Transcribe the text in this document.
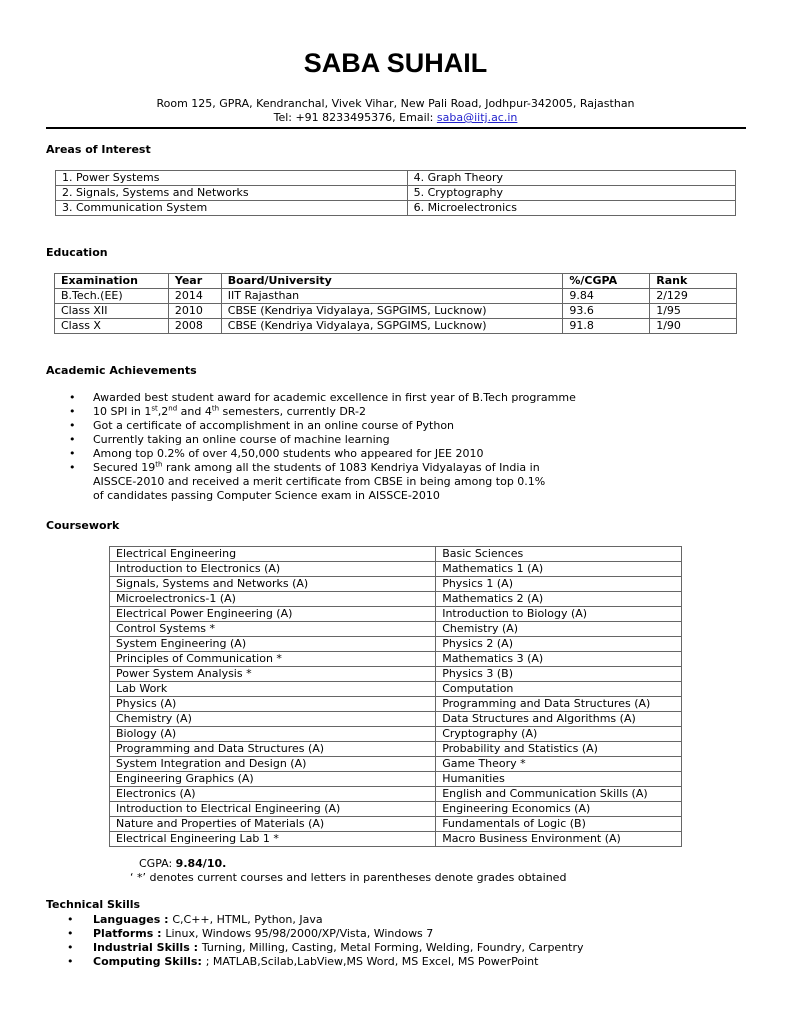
SABA SUHAIL
Room 125, GPRA, Kendranchal, Vivek Vihar, New Pali Road, Jodhpur-342005, Rajasthan
Tel: +91 8233495376, Email: saba@iitj.ac.in
Areas of Interest
1. Power Systems	4. Graph Theory
2. Signals, Systems and Networks	5. Cryptography
3. Communication System	6. Microelectronics
Education
Examination	Year	Board/University	%/CGPA	Rank
B.Tech.(EE)	2014	IIT Rajasthan	9.84	2/129
Class XII	2010	CBSE (Kendriya Vidyalaya, SGPGIMS, Lucknow)	93.6	1/95
Class X	2008	CBSE (Kendriya Vidyalaya, SGPGIMS, Lucknow)	91.8	1/90
Academic Achievements
• Awarded best student award for academic excellence in first year of B.Tech programme
• 10 SPI in 1st,2nd and 4th semesters, currently DR-2
• Got a certificate of accomplishment in an online course of Python
• Currently taking an online course of machine learning
• Among top 0.2% of over 4,50,000 students who appeared for JEE 2010
• Secured 19th rank among all the students of 1083 Kendriya Vidyalayas of India in
AISSCE-2010 and received a merit certificate from CBSE in being among top 0.1%
of candidates passing Computer Science exam in AISSCE-2010
Coursework
Electrical Engineering	Basic Sciences
Introduction to Electronics (A)	Mathematics 1 (A)
Signals, Systems and Networks (A)	Physics 1 (A)
Microelectronics-1 (A)	Mathematics 2 (A)
Electrical Power Engineering (A)	Introduction to Biology (A)
Control Systems *	Chemistry (A)
System Engineering (A)	Physics 2 (A)
Principles of Communication *	Mathematics 3 (A)
Power System Analysis *	Physics 3 (B)
Lab Work	Computation
Physics (A)	Programming and Data Structures (A)
Chemistry (A)	Data Structures and Algorithms (A)
Biology (A)	Cryptography (A)
Programming and Data Structures (A)	Probability and Statistics (A)
System Integration and Design (A)	Game Theory *
Engineering Graphics (A)	Humanities
Electronics (A)	English and Communication Skills (A)
Introduction to Electrical Engineering (A)	Engineering Economics (A)
Nature and Properties of Materials (A)	Fundamentals of Logic (B)
Electrical Engineering Lab 1 *	Macro Business Environment (A)
CGPA: 9.84/10.
‘ *’ denotes current courses and letters in parentheses denote grades obtained
Technical Skills
• Languages : C,C++, HTML, Python, Java
• Platforms : Linux, Windows 95/98/2000/XP/Vista, Windows 7
• Industrial Skills : Turning, Milling, Casting, Metal Forming, Welding, Foundry, Carpentry
• Computing Skills: ; MATLAB,Scilab,LabView,MS Word, MS Excel, MS PowerPoint
